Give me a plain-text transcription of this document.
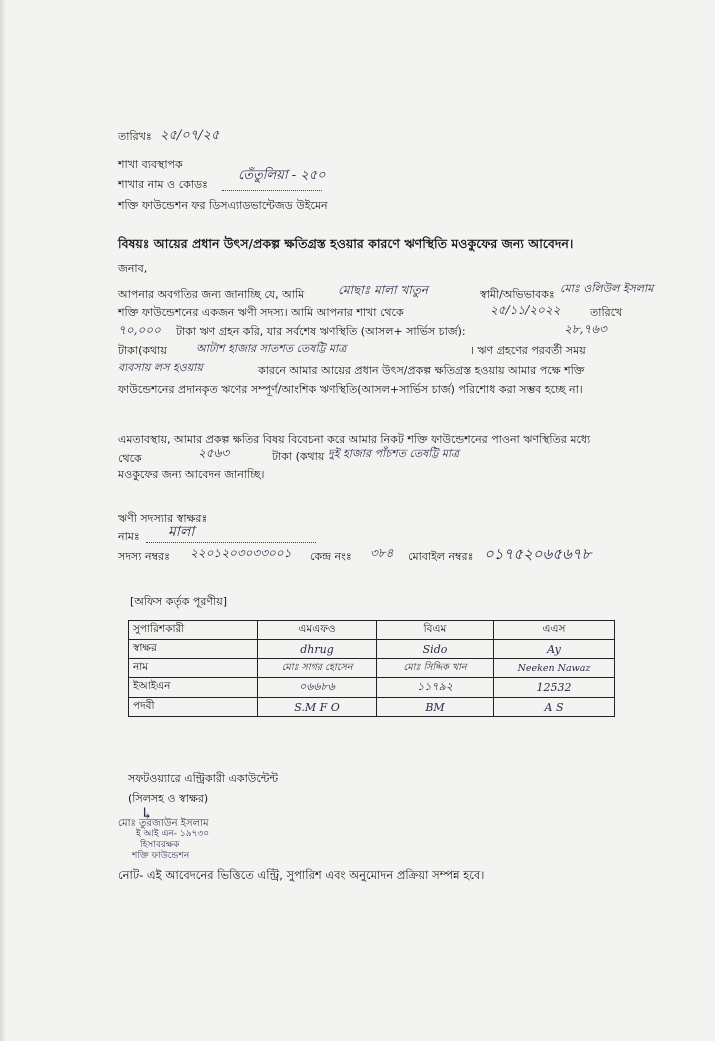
তারিখঃ ২৫/০৭/২৫
শাখা ব্যবস্থাপক
শাখার নাম ও কোডঃ
তেঁতুলিয়া - ২৫০
শক্তি ফাউন্ডেশন ফর ডিসএ্যাডভান্টেজড উইমেন
বিষয়ঃ আয়ের প্রধান উৎস/প্রকল্প ক্ষতিগ্রস্ত হওয়ার কারণে ঋণস্থিতি মওকুফের জন্য আবেদন।
জনাব,
আপনার অবগতির জন্য জানাচ্ছি যে, আমি	মোছাঃ মালা খাতুন	স্বামী/অভিভাবকঃ মোঃ ওলিউল ইসলাম
শক্তি ফাউন্ডেশনের একজন ঋণী সদস্য। আমি আপনার শাখা থেকে	২৫/১১/২০২২	তারিখে
৭০,০০০ টাকা ঋণ গ্রহন করি, যার সর্বশেষ ঋণস্থিতি (আসল+ সার্ভিস চার্জ):	২৮,৭৬৩
টাকা(কথায়	আটাশ হাজার সাতশত তেষট্টি মাত্র	। ঋণ গ্রহণের পরবর্তী সময়
ব্যবসায় লস হওয়ায়	কারনে আমার আয়ের প্রধান উৎস/প্রকল্প ক্ষতিগ্রস্ত হওয়ায় আমার পক্ষে শক্তি ফাউন্ডেশনের প্রদানকৃত ঋণের সম্পূর্ণ/আংশিক ঋণস্থিতি(আসল+সার্ভিস চার্জ) পরিশোধ করা সম্ভব হচ্ছে না।
এমতাবস্থায়, আমার প্রকল্প ক্ষতির বিষয় বিবেচনা করে আমার নিকট শক্তি ফাউন্ডেশনের পাওনা ঋণস্থিতির মধ্যে থেকে	২৫৬৩	টাকা (কথায় দুই হাজার পাঁচশত তেষট্টি মাত্র
মওকুফের জন্য আবেদন জানাচ্ছি।
ঋণী সদস্যার স্বাক্ষরঃ
নামঃ মালা
সদস্য নম্বরঃ ২২০১২০৩০৩৩০০১ কেন্দ্র নংঃ ৩৮৪ মোবাইল নম্বরঃ ০১৭৫২০৬৫৬৭৮
[অফিস কর্তৃক পূরণীয়]
সুপারিশকারী	এমএফও	বিএম	এএস
স্বাক্ষর	dhrug	Sido	Ay
নাম	মোঃ সাগর হোসেন	মোঃ সিদ্দিক খান	Neeken Nawaz
ইআইএন	০৬৬৮৬	১১৭৯২	12532
পদবী	S.M F O	BM	A S
সফটওয়্যারে এন্ট্রিকারী একাউন্টেন্ট
(সিলসহ ও স্বাক্ষর)
↳
মোঃ তুরজাউন ইসলাম
ই আই এন- ১৯৭৩০
হিসাবরক্ষক
শক্তি ফাউন্ডেশন
নোট- এই আবেদনের ভিত্তিতে এন্ট্রি, সুপারিশ এবং অনুমোদন প্রক্রিয়া সম্পন্ন হবে।
